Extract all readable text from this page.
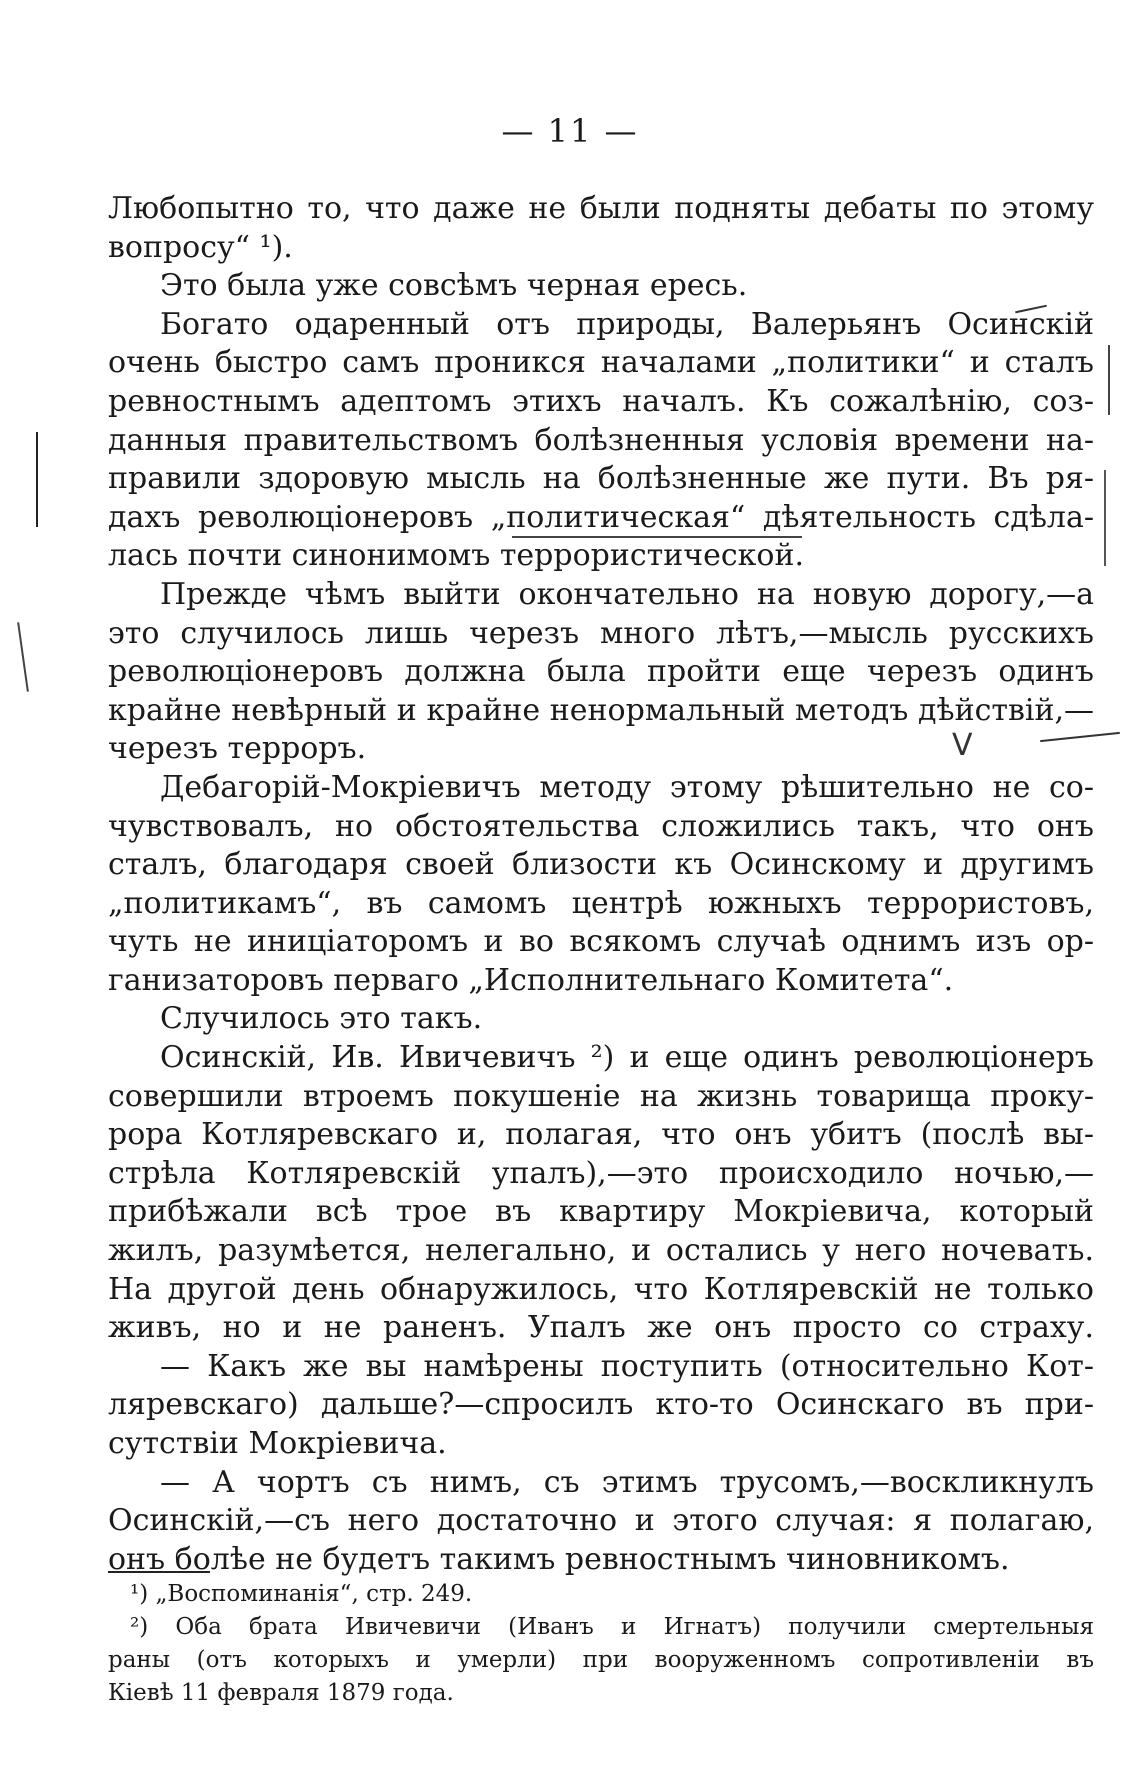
— 11 —
Любопытно то, что даже не были подняты дебаты по этому
вопросу“ ¹).
Это была уже совсѣмъ черная ересь.
Богато одаренный отъ природы, Валерьянъ Осинскій
очень быстро самъ проникся началами „политики“ и сталъ
ревностнымъ адептомъ этихъ началъ. Къ сожалѣнію, соз-
данныя правительствомъ болѣзненныя условія времени на-
правили здоровую мысль на болѣзненные же пути. Въ ря-
дахъ революціонеровъ „политическая“ дѣятельность сдѣла-
лась почти синонимомъ террористической.
Прежде чѣмъ выйти окончательно на новую дорогу,—а
это случилось лишь черезъ много лѣтъ,—мысль русскихъ
революціонеровъ должна была пройти еще черезъ одинъ
крайне невѣрный и крайне ненормальный методъ дѣйствій,—
черезъ терроръ.
Дебагорій-Мокріевичъ методу этому рѣшительно не со-
чувствовалъ, но обстоятельства сложились такъ, что онъ
сталъ, благодаря своей близости къ Осинскому и другимъ
„политикамъ“, въ самомъ центрѣ южныхъ террористовъ,
чуть не иниціаторомъ и во всякомъ случаѣ однимъ изъ ор-
ганизаторовъ перваго „Исполнительнаго Комитета“.
Случилось это такъ.
Осинскій, Ив. Ивичевичъ ²) и еще одинъ революціонеръ
совершили втроемъ покушеніе на жизнь товарища проку-
рора Котляревскаго и, полагая, что онъ убитъ (послѣ вы-
стрѣла Котляревскій упалъ),—это происходило ночью,—
прибѣжали всѣ трое въ квартиру Мокріевича, который
жилъ, разумѣется, нелегально, и остались у него ночевать.
На другой день обнаружилось, что Котляревскій не только
живъ, но и не раненъ. Упалъ же онъ просто со страху.
— Какъ же вы намѣрены поступить (относительно Кот-
ляревскаго) дальше?—спросилъ кто-то Осинскаго въ при-
сутствіи Мокріевича.
— А чортъ съ нимъ, съ этимъ трусомъ,—воскликнулъ
Осинскій,—съ него достаточно и этого случая: я полагаю,
онъ болѣе не будетъ такимъ ревностнымъ чиновникомъ.
¹) „Воспоминанія“, стр. 249.
²) Оба брата Ивичевичи (Иванъ и Игнатъ) получили смертельныя
раны (отъ которыхъ и умерли) при вооруженномъ сопротивленіи въ
Кіевѣ 11 февраля 1879 года.
V
